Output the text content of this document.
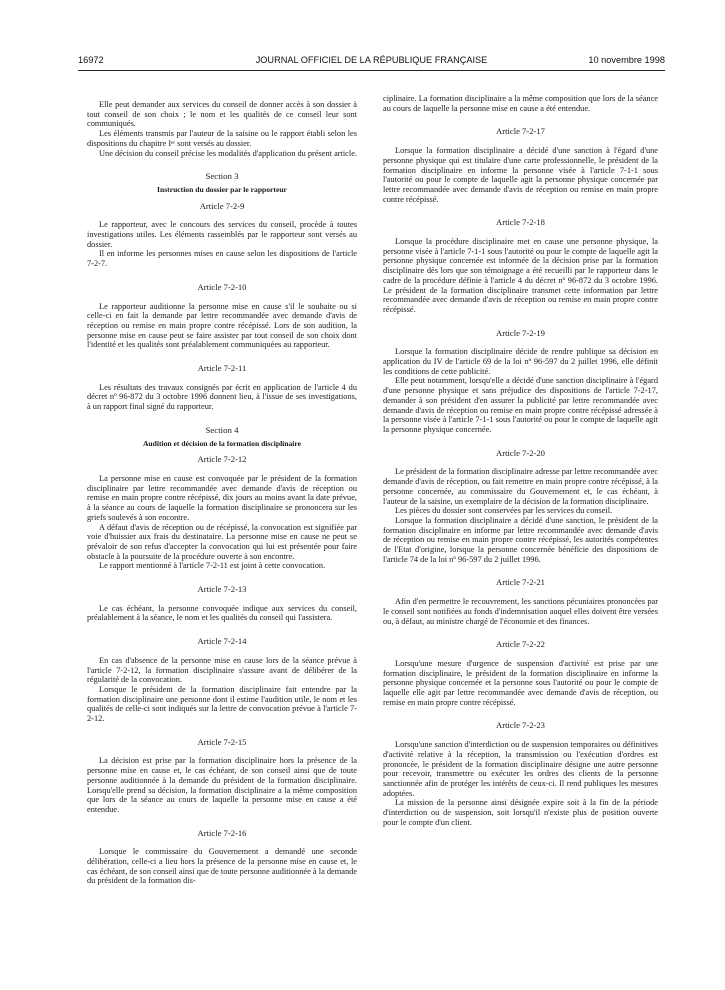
16972	JOURNAL OFFICIEL DE LA RÉPUBLIQUE FRANÇAISE	10 novembre 1998

Elle peut demander aux services du conseil de donner accès à son dossier à tout conseil de son choix ; le nom et les qualités de ce conseil leur sont communiqués.

Les éléments transmis par l'auteur de la saisine ou le rapport établi selon les dispositions du chapitre Iᵉʳ sont versés au dossier.

Une décision du conseil précise les modalités d'application du présent article.

Section 3
Instruction du dossier par le rapporteur
Article 7-2-9

Le rapporteur, avec le concours des services du conseil, procède à toutes investigations utiles. Les éléments rassemblés par le rapporteur sont versés au dossier.

Il en informe les personnes mises en cause selon les dispositions de l'article 7-2-7.

Article 7-2-10

Le rapporteur auditionne la personne mise en cause s'il le souhaite ou si celle-ci en fait la demande par lettre recommandée avec demande d'avis de réception ou remise en main propre contre récépissé. Lors de son audition, la personne mise en cause peut se faire assister par tout conseil de son choix dont l'identité et les qualités sont préalablement communiquées au rapporteur.

Article 7-2-11

Les résultats des travaux consignés par écrit en application de l'article 4 du décret nº 96-872 du 3 octobre 1996 donnent lieu, à l'issue de ses investigations, à un rapport final signé du rapporteur.

Section 4
Audition et décision de la formation disciplinaire
Article 7-2-12

La personne mise en cause est convoquée par le président de la formation disciplinaire par lettre recommandée avec demande d'avis de réception ou remise en main propre contre récépissé, dix jours au moins avant la date prévue, à la séance au cours de laquelle la formation disciplinaire se prononcera sur les griefs soulevés à son encontre.

A défaut d'avis de réception ou de récépissé, la convocation est signifiée par voie d'huissier aux frais du destinataire. La personne mise en cause ne peut se prévaloir de son refus d'accepter la convocation qui lui est présentée pour faire obstacle à la poursuite de la procédure ouverte à son encontre.

Le rapport mentionné à l'article 7-2-11 est joint à cette convocation.

Article 7-2-13

Le cas échéant, la personne convoquée indique aux services du conseil, préalablement à la séance, le nom et les qualités du conseil qui l'assistera.

Article 7-2-14

En cas d'absence de la personne mise en cause lors de la séance prévue à l'article 7-2-12, la formation disciplinaire s'assure avant de délibérer de la régularité de la convocation.

Lorsque le président de la formation disciplinaire fait entendre par la formation disciplinaire une personne dont il estime l'audition utile, le nom et les qualités de celle-ci sont indiqués sur la lettre de convocation prévue à l'article 7-2-12.

Article 7-2-15

La décision est prise par la formation disciplinaire hors la présence de la personne mise en cause et, le cas échéant, de son conseil ainsi que de toute personne auditionnée à la demande du président de la formation disciplinaire. Lorsqu'elle prend sa décision, la formation disciplinaire a la même composition que lors de la séance au cours de laquelle la personne mise en cause a été entendue.

Article 7-2-16

Lorsque le commissaire du Gouvernement a demandé une seconde délibération, celle-ci a lieu hors la présence de la personne mise en cause et, le cas échéant, de son conseil ainsi que de toute personne auditionnée à la demande du président de la formation dis-

ciplinaire. La formation disciplinaire a la même composition que lors de la séance au cours de laquelle la personne mise en cause a été entendue.

Article 7-2-17

Lorsque la formation disciplinaire a décidé d'une sanction à l'égard d'une personne physique qui est titulaire d'une carte professionnelle, le président de la formation disciplinaire en informe la personne visée à l'article 7-1-1 sous l'autorité ou pour le compte de laquelle agit la personne physique concernée par lettre recommandée avec demande d'avis de réception ou remise en main propre contre récépissé.

Article 7-2-18

Lorsque la procédure disciplinaire met en cause une personne physique, la personne visée à l'article 7-1-1 sous l'autorité ou pour le compte de laquelle agit la personne physique concernée est informée de la décision prise par la formation disciplinaire dès lors que son témoignage a été recueilli par le rapporteur dans le cadre de la procédure définie à l'article 4 du décret nº 96-872 du 3 octobre 1996. Le président de la formation disciplinaire transmet cette information par lettre recommandée avec demande d'avis de réception ou remise en main propre contre récépissé.

Article 7-2-19

Lorsque la formation disciplinaire décide de rendre publique sa décision en application du IV de l'article 69 de la loi nº 96-597 du 2 juillet 1996, elle définit les conditions de cette publicité.

Elle peut notamment, lorsqu'elle a décidé d'une sanction disciplinaire à l'égard d'une personne physique et sans préjudice des dispositions de l'article 7-2-17, demander à son président d'en assurer la publicité par lettre recommandée avec demande d'avis de réception ou remise en main propre contre récépissé adressée à la personne visée à l'article 7-1-1 sous l'autorité ou pour le compte de laquelle agit la personne physique concernée.

Article 7-2-20

Le président de la formation disciplinaire adresse par lettre recommandée avec demande d'avis de réception, ou fait remettre en main propre contre récépissé, à la personne concernée, au commissaire du Gouvernement et, le cas échéant, à l'auteur de la saisine, un exemplaire de la décision de la formation disciplinaire.

Les pièces du dossier sont conservées par les services du conseil.

Lorsque la formation disciplinaire a décidé d'une sanction, le président de la formation disciplinaire en informe par lettre recommandée avec demande d'avis de réception ou remise en main propre contre récépissé, les autorités compétentes de l'Etat d'origine, lorsque la personne concernée bénéficie des dispositions de l'article 74 de la loi nº 96-597 du 2 juillet 1996.

Article 7-2-21

Afin d'en permettre le recouvrement, les sanctions pécuniaires prononcées par le conseil sont notifiées au fonds d'indemnisation auquel elles doivent être versées ou, à défaut, au ministre chargé de l'économie et des finances.

Article 7-2-22

Lorsqu'une mesure d'urgence de suspension d'activité est prise par une formation disciplinaire, le président de la formation disciplinaire en informe la personne physique concernée et la personne sous l'autorité ou pour le compte de laquelle elle agit par lettre recommandée avec demande d'avis de réception, ou remise en main propre contre récépissé.

Article 7-2-23

Lorsqu'une sanction d'interdiction ou de suspension temporaires ou définitives d'activité relative à la réception, la transmission ou l'exécution d'ordres est prononcée, le président de la formation disciplinaire désigne une autre personne pour recevoir, transmettre ou exécuter les ordres des clients de la personne sanctionnée afin de protéger les intérêts de ceux-ci. Il rend publiques les mesures adoptées.

La mission de la personne ainsi désignée expire soit à la fin de la période d'interdiction ou de suspension, soit lorsqu'il n'existe plus de position ouverte pour le compte d'un client.
